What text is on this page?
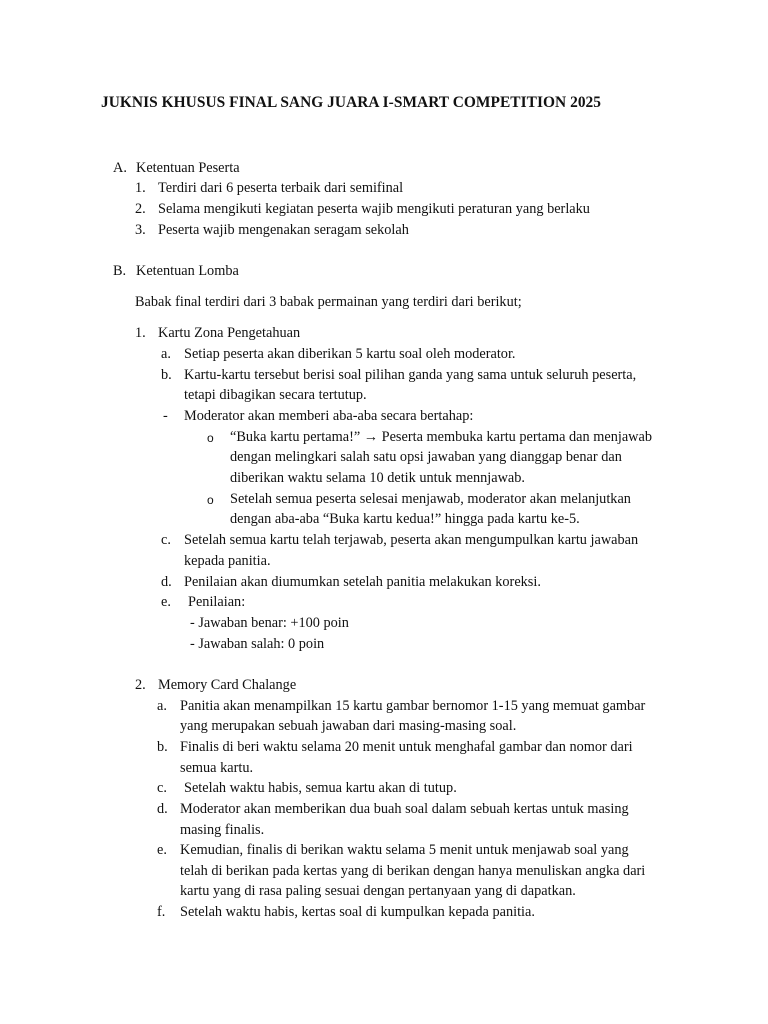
JUKNIS KHUSUS FINAL SANG JUARA I-SMART COMPETITION 2025
A. Ketentuan Peserta
1. Terdiri dari 6 peserta terbaik dari semifinal
2. Selama mengikuti kegiatan peserta wajib mengikuti peraturan yang berlaku
3. Peserta wajib mengenakan seragam sekolah
B. Ketentuan Lomba
Babak final terdiri dari 3 babak permainan yang terdiri dari berikut;
1. Kartu Zona Pengetahuan
a. Setiap peserta akan diberikan 5 kartu soal oleh moderator.
b. Kartu-kartu tersebut berisi soal pilihan ganda yang sama untuk seluruh peserta,
tetapi dibagikan secara tertutup.
- Moderator akan memberi aba-aba secara bertahap:
o “Buka kartu pertama!” → Peserta membuka kartu pertama dan menjawab
dengan melingkari salah satu opsi jawaban yang dianggap benar dan
diberikan waktu selama 10 detik untuk mennjawab.
o Setelah semua peserta selesai menjawab, moderator akan melanjutkan
dengan aba-aba “Buka kartu kedua!” hingga pada kartu ke-5.
c. Setelah semua kartu telah terjawab, peserta akan mengumpulkan kartu jawaban
kepada panitia.
d. Penilaian akan diumumkan setelah panitia melakukan koreksi.
e. Penilaian:
- Jawaban benar: +100 poin
- Jawaban salah: 0 poin
2. Memory Card Chalange
a. Panitia akan menampilkan 15 kartu gambar bernomor 1-15 yang memuat gambar
yang merupakan sebuah jawaban dari masing-masing soal.
b. Finalis di beri waktu selama 20 menit untuk menghafal gambar dan nomor dari
semua kartu.
c. Setelah waktu habis, semua kartu akan di tutup.
d. Moderator akan memberikan dua buah soal dalam sebuah kertas untuk masing
masing finalis.
e. Kemudian, finalis di berikan waktu selama 5 menit untuk menjawab soal yang
telah di berikan pada kertas yang di berikan dengan hanya menuliskan angka dari
kartu yang di rasa paling sesuai dengan pertanyaan yang di dapatkan.
f. Setelah waktu habis, kertas soal di kumpulkan kepada panitia.
